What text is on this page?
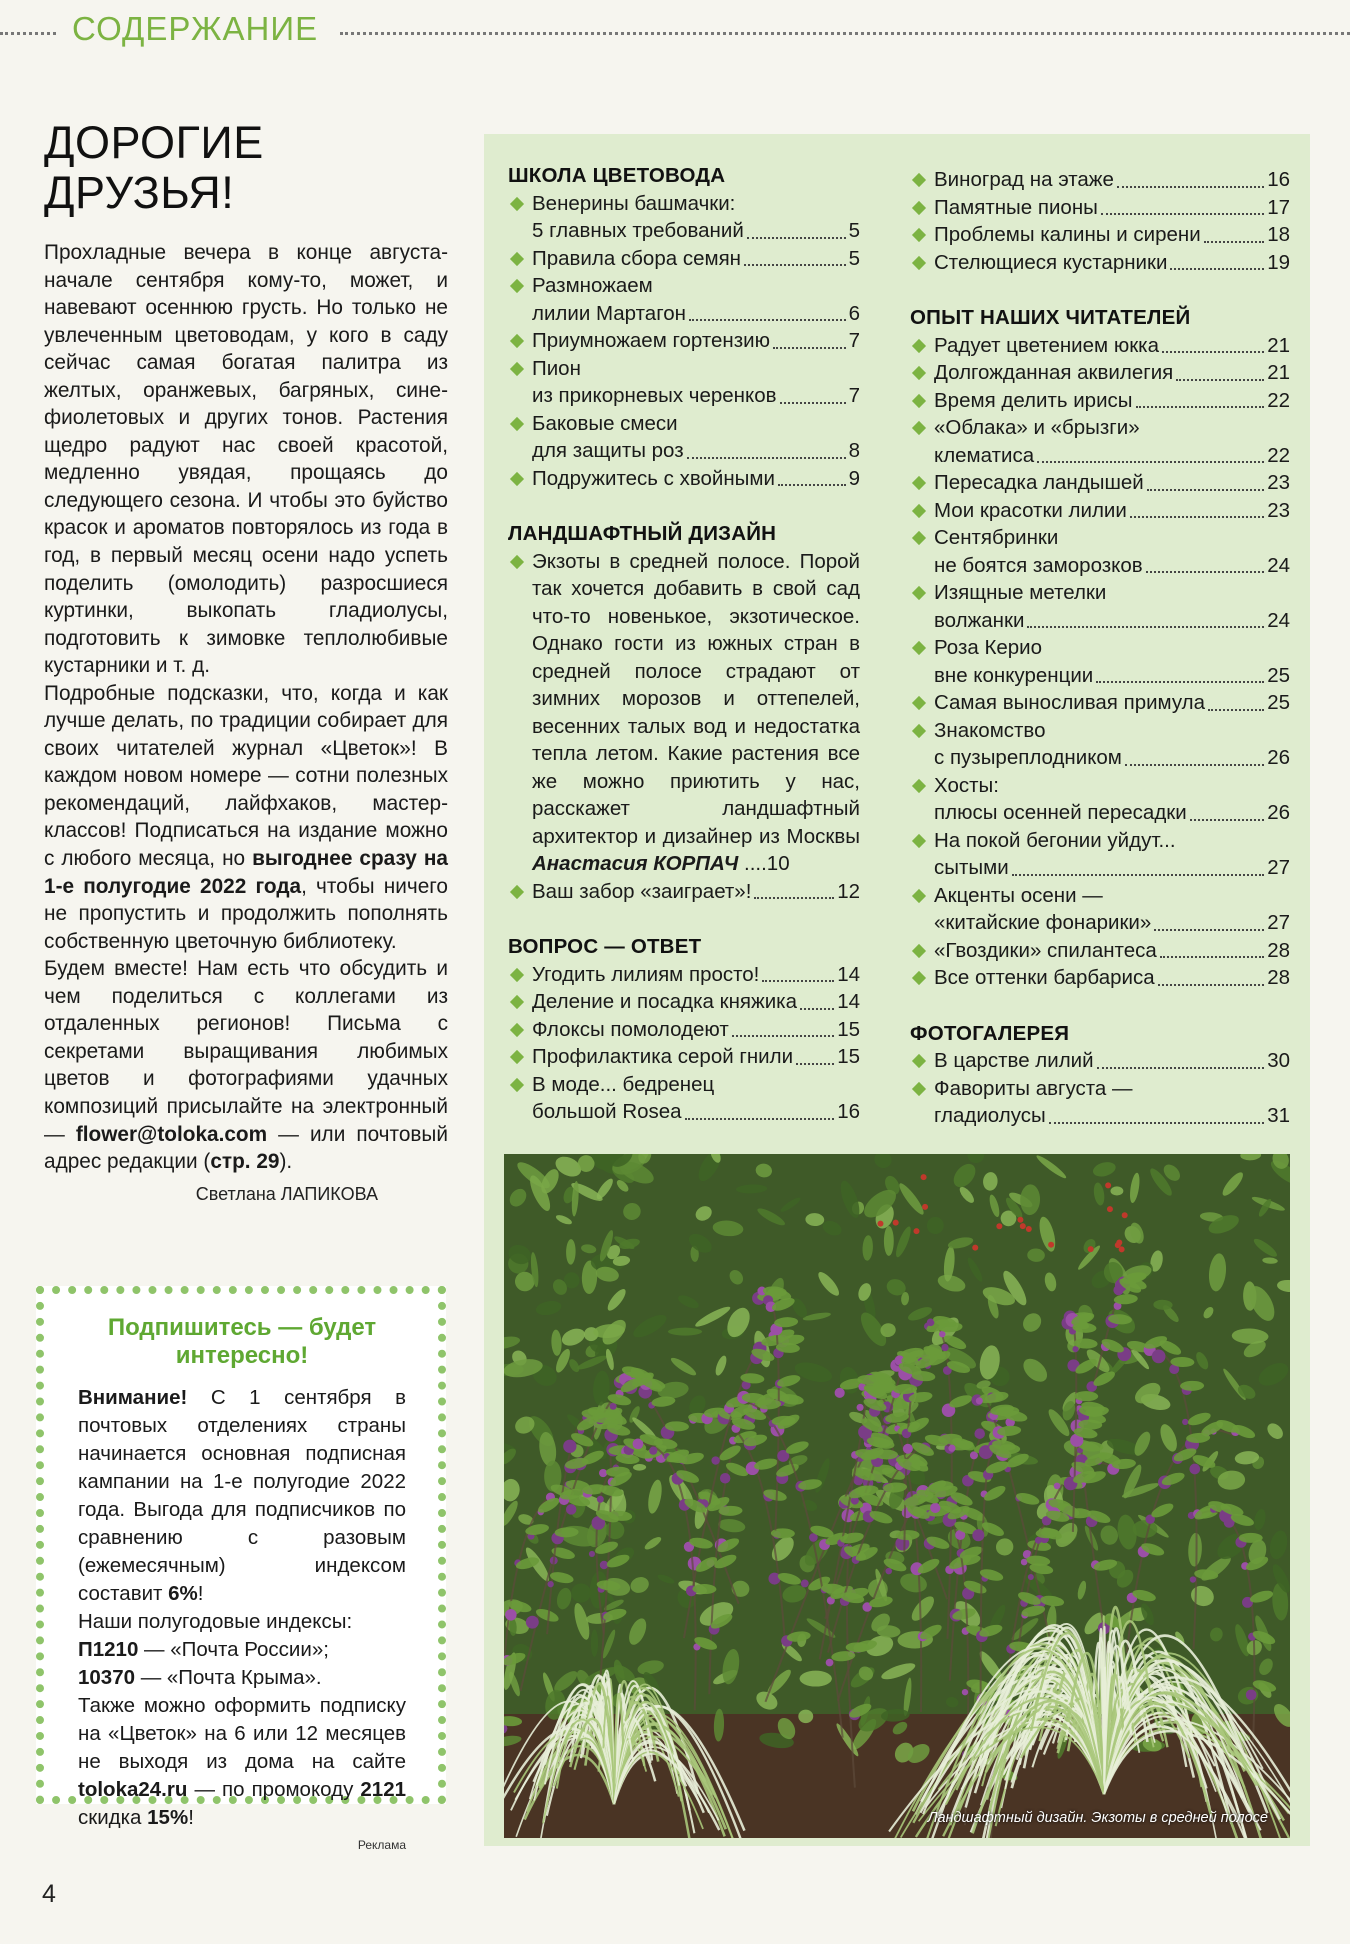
СОДЕРЖАНИЕ
ДОРОГИЕ ДРУЗЬЯ!

Прохладные вечера в конце августа-начале сентября кому-то, может, и навевают осеннюю грусть. Но только не увлеченным цветоводам, у кого в саду сейчас самая богатая палитра из желтых, оранжевых, багряных, сине-фиолетовых и других тонов. Растения щедро радуют нас своей красотой, медленно увядая, прощаясь до следующего сезона. И чтобы это буйство красок и ароматов повторялось из года в год, в первый месяц осени надо успеть поделить (омолодить) разросшиеся куртинки, выкопать гладиолусы, подготовить к зимовке теплолюбивые кустарники и т. д.

Подробные подсказки, что, когда и как лучше делать, по традиции собирает для своих читателей журнал «Цветок»! В каждом новом номере — сотни полезных рекомендаций, лайфхаков, мастер-классов! Подписаться на издание можно с любого месяца, но выгоднее сразу на 1-е полугодие 2022 года, чтобы ничего не пропустить и продолжить пополнять собственную цветочную библиотеку.

Будем вместе! Нам есть что обсудить и чем поделиться с коллегами из отдаленных регионов! Письма с секретами выращивания любимых цветов и фотографиями удачных композиций присылайте на электронный — flower@toloka.com — или почтовый адрес редакции (стр. 29).

Светлана ЛАПИКОВА
Подпишитесь — будет интересно!

Внимание! С 1 сентября в почтовых отделениях страны начинается основная подписная кампании на 1-е полугодие 2022 года. Выгода для подписчиков по сравнению с разовым (ежемесячным) индексом составит 6%!

Наши полугодовые индексы:

П1210 — «Почта России»;

10370 — «Почта Крыма».

Также можно оформить подписку на «Цветок» на 6 или 12 месяцев не выходя из дома на сайте toloka24.ru — по промокоду 2121 скидка 15%!

Реклама
4
ШКОЛА ЦВЕТОВОДА
Венерины башмачки:
5 главных требований	5
Правила сбора семян	5
Размножаем
лилии Мартагон	6
Приумножаем гортензию	7
Пион
из прикорневых черенков	7
Баковые смеси
для защиты роз	8
Подружитесь с хвойными	9
ЛАНДШАФТНЫЙ ДИЗАЙН
Экзоты в средней полосе. Порой так хочется добавить в свой сад что-то новенькое, экзотическое. Однако гости из южных стран в средней полосе страдают от зимних морозов и оттепелей, весенних талых вод и недостатка тепла летом. Какие растения все же можно приютить у нас, расскажет ландшафтный архитектор и дизайнер из Москвы Анастасия КОРПАЧ ....10
Ваш забор «заиграет»!	12
ВОПРОС — ОТВЕТ
Угодить лилиям просто!	14
Деление и посадка княжика 14
Флоксы помолодеют	15
Профилактика серой гнили 15
В моде... бедренец
большой Rosea	16
Виноград на этаже	16
Памятные пионы	17
Проблемы калины и сирени	18
Стелющиеся кустарники	19
ОПЫТ НАШИХ ЧИТАТЕЛЕЙ
Радует цветением юкка	21
Долгожданная аквилегия	21
Время делить ирисы	22
«Облака» и «брызги»
клематиса	22
Пересадка ландышей	23
Мои красотки лилии	23
Сентябринки
не боятся заморозков	24
Изящные метелки
волжанки	24
Роза Керио
вне конкуренции	25
Самая выносливая примула	25
Знакомство
с пузыреплодником	26
Хосты:
плюсы осенней пересадки	26
На покой бегонии уйдут...
сытыми	27
Акценты осени —
«китайские фонарики»	27
«Гвоздики» спилантеса	28
Все оттенки барбариса	28
ФОТОГАЛЕРЕЯ
В царстве лилий	30
Фавориты августа —
гладиолусы	31
Ландшафтный дизайн. Экзоты в средней полосе
